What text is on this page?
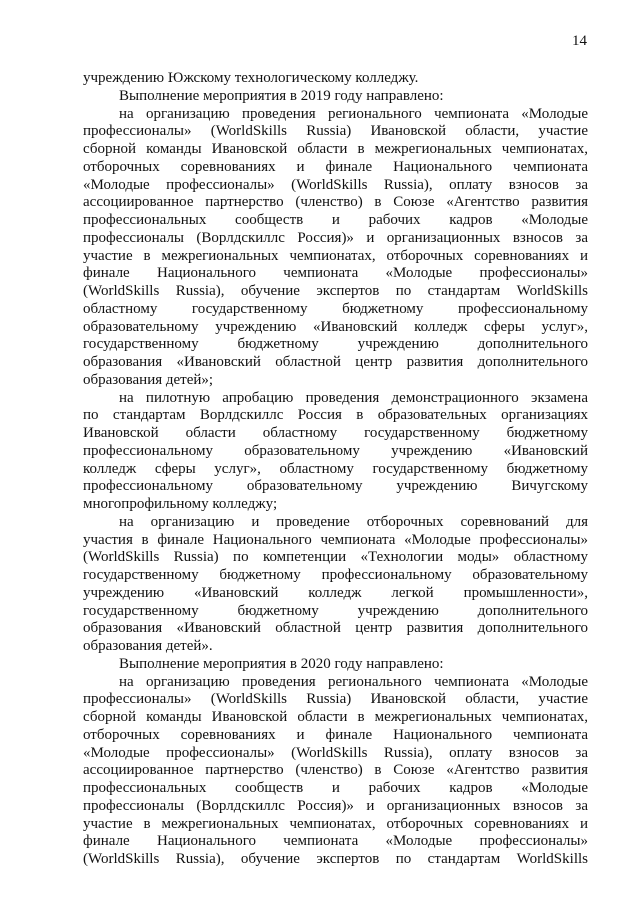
14
учреждению Южскому технологическому колледжу.
Выполнение мероприятия в 2019 году направлено:
на организацию проведения регионального чемпионата «Молодые
профессионалы» (WorldSkills Russia) Ивановской области, участие
сборной команды Ивановской области в межрегиональных чемпионатах,
отборочных соревнованиях и финале Национального чемпионата
«Молодые профессионалы» (WorldSkills Russia), оплату взносов за
ассоциированное партнерство (членство) в Союзе «Агентство развития
профессиональных сообществ и рабочих кадров «Молодые
профессионалы (Ворлдскиллс Россия)» и организационных взносов за
участие в межрегиональных чемпионатах, отборочных соревнованиях и
финале Национального чемпионата «Молодые профессионалы»
(WorldSkills Russia), обучение экспертов по стандартам WorldSkills
областному государственному бюджетному профессиональному
образовательному учреждению «Ивановский колледж сферы услуг»,
государственному бюджетному учреждению дополнительного
образования «Ивановский областной центр развития дополнительного
образования детей»;
на пилотную апробацию проведения демонстрационного экзамена
по стандартам Ворлдскиллс Россия в образовательных организациях
Ивановской области областному государственному бюджетному
профессиональному образовательному учреждению «Ивановский
колледж сферы услуг», областному государственному бюджетному
профессиональному образовательному учреждению Вичугскому
многопрофильному колледжу;
на организацию и проведение отборочных соревнований для
участия в финале Национального чемпионата «Молодые профессионалы»
(WorldSkills Russia) по компетенции «Технологии моды» областному
государственному бюджетному профессиональному образовательному
учреждению «Ивановский колледж легкой промышленности»,
государственному бюджетному учреждению дополнительного
образования «Ивановский областной центр развития дополнительного
образования детей».
Выполнение мероприятия в 2020 году направлено:
на организацию проведения регионального чемпионата «Молодые
профессионалы» (WorldSkills Russia) Ивановской области, участие
сборной команды Ивановской области в межрегиональных чемпионатах,
отборочных соревнованиях и финале Национального чемпионата
«Молодые профессионалы» (WorldSkills Russia), оплату взносов за
ассоциированное партнерство (членство) в Союзе «Агентство развития
профессиональных сообществ и рабочих кадров «Молодые
профессионалы (Ворлдскиллс Россия)» и организационных взносов за
участие в межрегиональных чемпионатах, отборочных соревнованиях и
финале Национального чемпионата «Молодые профессионалы»
(WorldSkills Russia), обучение экспертов по стандартам WorldSkills
